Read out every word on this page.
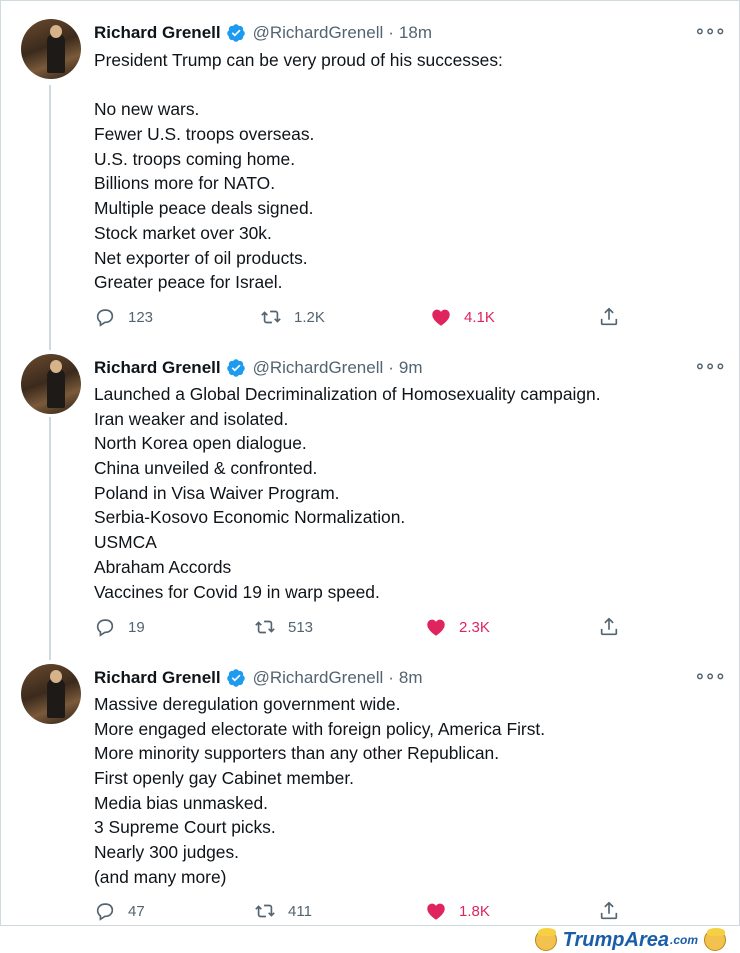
Richard Grenell @RichardGrenell · 18m	∘∘∘
President Trump can be very proud of his successes:
No new wars.
Fewer U.S. troops overseas.
U.S. troops coming home.
Billions more for NATO.
Multiple peace deals signed.
Stock market over 30k.
Net exporter of oil products.
Greater peace for Israel.
123	1.2K	4.1K
Richard Grenell @RichardGrenell · 9m	∘∘∘
Launched a Global Decriminalization of Homosexuality campaign.
Iran weaker and isolated.
North Korea open dialogue.
China unveiled & confronted.
Poland in Visa Waiver Program.
Serbia-Kosovo Economic Normalization.
USMCA
Abraham Accords
Vaccines for Covid 19 in warp speed.
19	513	2.3K
Richard Grenell @RichardGrenell · 8m	∘∘∘
Massive deregulation government wide.
More engaged electorate with foreign policy, America First.
More minority supporters than any other Republican.
First openly gay Cabinet member.
Media bias unmasked.
3 Supreme Court picks.
Nearly 300 judges.
(and many more)
47	411	1.8K
TrumpArea .com
